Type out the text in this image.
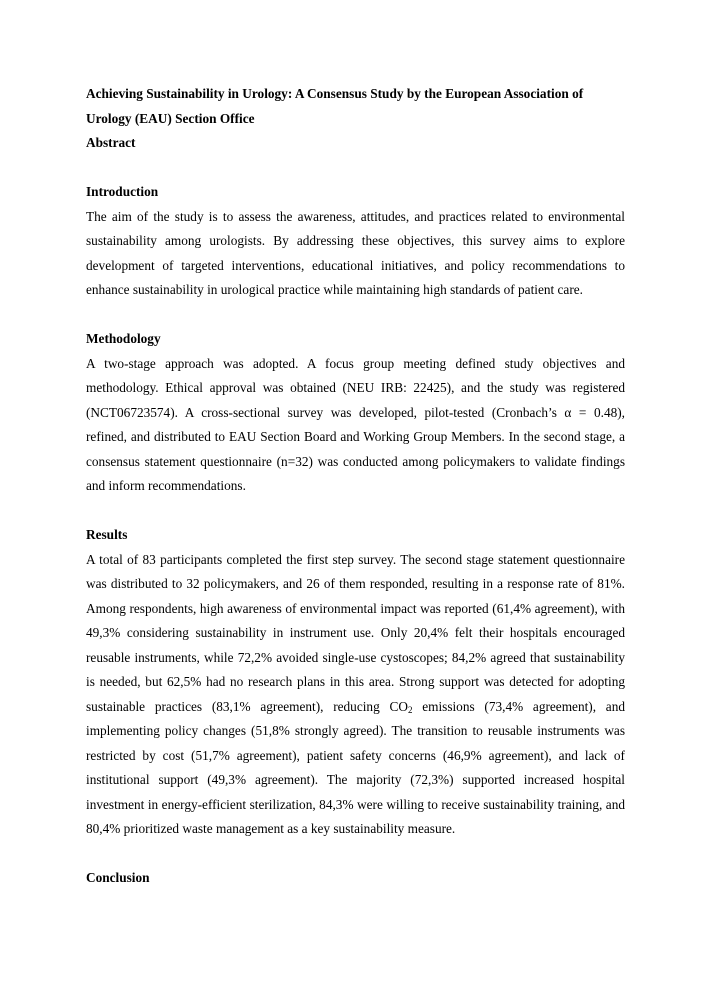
Achieving Sustainability in Urology: A Consensus Study by the European Association of Urology (EAU) Section Office

Abstract

Introduction

The aim of the study is to assess the awareness, attitudes, and practices related to environmental sustainability among urologists. By addressing these objectives, this survey aims to explore development of targeted interventions, educational initiatives, and policy recommendations to enhance sustainability in urological practice while maintaining high standards of patient care.

Methodology

A two-stage approach was adopted. A focus group meeting defined study objectives and methodology. Ethical approval was obtained (NEU IRB: 22425), and the study was registered (NCT06723574). A cross-sectional survey was developed, pilot-tested (Cronbach’s α = 0.48), refined, and distributed to EAU Section Board and Working Group Members. In the second stage, a consensus statement questionnaire (n=32) was conducted among policymakers to validate findings and inform recommendations.

Results

A total of 83 participants completed the first step survey. The second stage statement questionnaire was distributed to 32 policymakers, and 26 of them responded, resulting in a response rate of 81%. Among respondents, high awareness of environmental impact was reported (61,4% agreement), with 49,3% considering sustainability in instrument use. Only 20,4% felt their hospitals encouraged reusable instruments, while 72,2% avoided single-use cystoscopes; 84,2% agreed that sustainability is needed, but 62,5% had no research plans in this area. Strong support was detected for adopting sustainable practices (83,1% agreement), reducing $CO_2$ emissions (73,4% agreement), and implementing policy changes (51,8% strongly agreed). The transition to reusable instruments was restricted by cost (51,7% agreement), patient safety concerns (46,9% agreement), and lack of institutional support (49,3% agreement). The majority (72,3%) supported increased hospital investment in energy-efficient sterilization, 84,3% were willing to receive sustainability training, and 80,4% prioritized waste management as a key sustainability measure.

Conclusion
